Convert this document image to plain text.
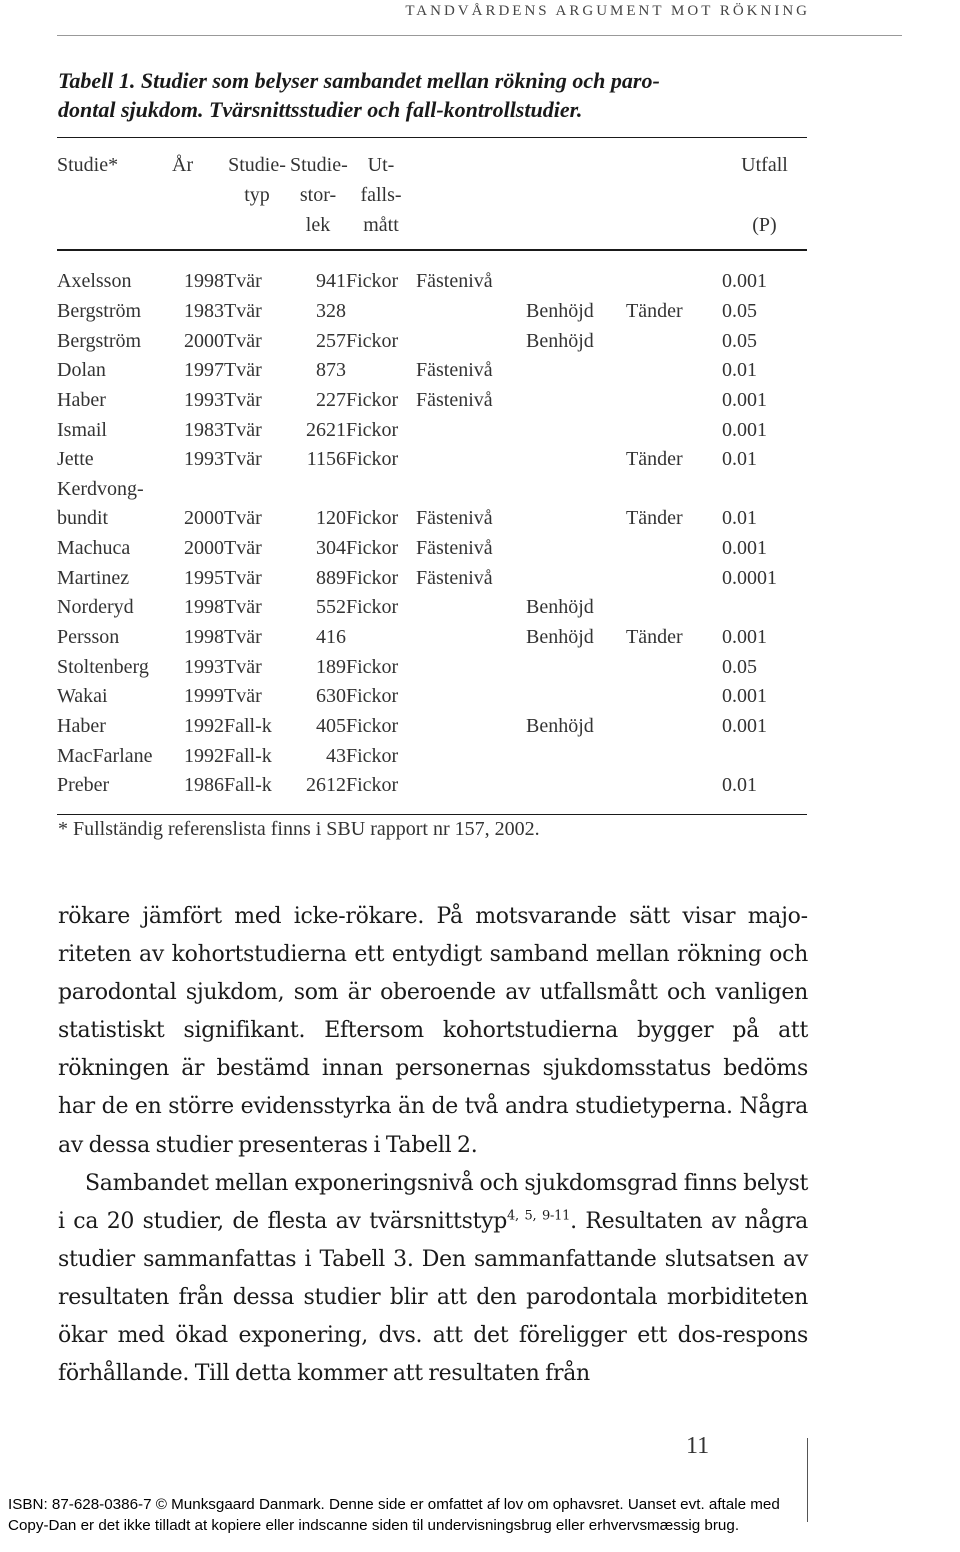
TANDVÅRDENS ARGUMENT MOT RÖKNING
Tabell 1. Studier som belyser sambandet mellan rökning och paro-
dontal sjukdom. Tvärsnittsstudier och fall-kontrollstudier.
Studie*	År	Studie-	Studie-	Ut-				Utfall
		typ	stor-	falls-				
			lek	mått				(P)
Axelsson	1998	Tvär	941	Fickor	Fästenivå			0.001
Bergström	1983	Tvär	328			Benhöjd	Tänder	0.05
Bergström	2000	Tvär	257	Fickor		Benhöjd		0.05
Dolan	1997	Tvär	873		Fästenivå			0.01
Haber	1993	Tvär	227	Fickor	Fästenivå			0.001
Ismail	1983	Tvär	2621	Fickor				0.001
Jette	1993	Tvär	1156	Fickor			Tänder	0.01
Kerdvong-								
bundit	2000	Tvär	120	Fickor	Fästenivå		Tänder	0.01
Machuca	2000	Tvär	304	Fickor	Fästenivå			0.001
Martinez	1995	Tvär	889	Fickor	Fästenivå			0.0001
Norderyd	1998	Tvär	552	Fickor		Benhöjd		
Persson	1998	Tvär	416			Benhöjd	Tänder	0.001
Stoltenberg	1993	Tvär	189	Fickor				0.05
Wakai	1999	Tvär	630	Fickor				0.001
Haber	1992	Fall-k	405	Fickor		Benhöjd		0.001
MacFarlane	1992	Fall-k	43	Fickor				
Preber	1986	Fall-k	2612	Fickor				0.01
* Fullständig referenslista finns i SBU rapport nr 157, 2002.

rökare jämfört med icke-rökare. På motsvarande sätt visar majoriteten av kohortstudierna ett entydigt samband mellan rökning och parodontal sjukdom, som är oberoende av utfallsmått och vanligen statistiskt signifikant. Eftersom kohortstudierna bygger på att rökningen är bestämd innan personernas sjukdomsstatus bedöms har de en större evidensstyrka än de två andra studietyperna. Några av dessa studier presenteras i Tabell 2.

Sambandet mellan exponeringsnivå och sjukdomsgrad finns belyst i ca 20 studier, de flesta av tvärsnittstyp$^{4, 5, 9-11}$. Resultaten av några studier sammanfattas i Tabell 3. Den sammanfattande slutsatsen av resultaten från dessa studier blir att den parodontala morbiditeten ökar med ökad exponering, dvs. att det föreligger ett dos-respons förhållande. Till detta kommer att resultaten från

11
ISBN: 87-628-0386-7 © Munksgaard Danmark. Denne side er omfattet af lov om ophavsret. Uanset evt. aftale med
Copy-Dan er det ikke tilladt at kopiere eller indscanne siden til undervisningsbrug eller erhvervsmæssig brug.
